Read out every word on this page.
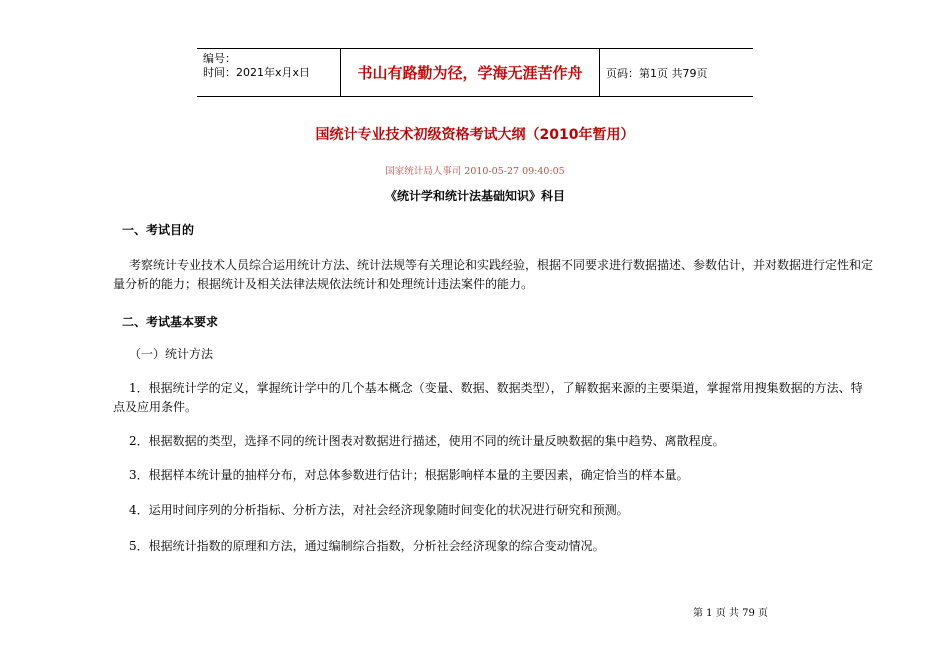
编号：
时间：2021年x月x日	书山有路勤为径，学海无涯苦作舟	页码：第1页 共79页
国统计专业技术初级资格考试大纲（2010年暂用）
国家统计局人事司 2010-05-27 09:40:05
《统计学和统计法基础知识》科目
一、考试目的
考察统计专业技术人员综合运用统计方法、统计法规等有关理论和实践经验，根据不同要求进行数据描述、参数估计，并对数据进行定性和定量分析的能力；根据统计及相关法律法规依法统计和处理统计违法案件的能力。
二、考试基本要求
（一）统计方法
1．根据统计学的定义，掌握统计学中的几个基本概念（变量、数据、数据类型），了解数据来源的主要渠道，掌握常用搜集数据的方法、特点及应用条件。
2．根据数据的类型，选择不同的统计图表对数据进行描述，使用不同的统计量反映数据的集中趋势、离散程度。
3．根据样本统计量的抽样分布，对总体参数进行估计；根据影响样本量的主要因素，确定恰当的样本量。
4．运用时间序列的分析指标、分析方法，对社会经济现象随时间变化的状况进行研究和预测。
5．根据统计指数的原理和方法，通过编制综合指数，分析社会经济现象的综合变动情况。
第 1 页 共 79 页
